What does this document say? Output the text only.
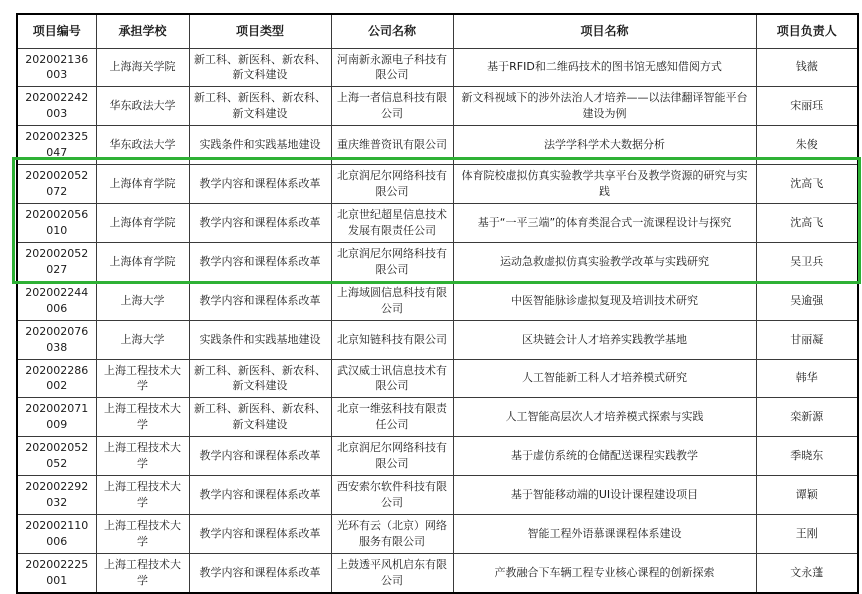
项目编号	承担学校	项目类型	公司名称	项目名称	项目负责人
202002136003	上海海关学院	新工科、新医科、新农科、新文科建设	河南新永源电子科技有限公司	基于RFID和二维码技术的图书馆无感知借阅方式	钱薇
202002242003	华东政法大学	新工科、新医科、新农科、新文科建设	上海一者信息科技有限公司	新文科视域下的涉外法治人才培养——以法律翻译智能平台建设为例	宋丽珏
202002325047	华东政法大学	实践条件和实践基地建设	重庆维普资讯有限公司	法学学科学术大数据分析	朱俊
202002052072	上海体育学院	教学内容和课程体系改革	北京润尼尔网络科技有限公司	体育院校虚拟仿真实验教学共享平台及教学资源的研究与实践	沈高飞
202002056010	上海体育学院	教学内容和课程体系改革	北京世纪超星信息技术发展有限责任公司	基于“一平三端”的体育类混合式一流课程设计与探究	沈高飞
202002052027	上海体育学院	教学内容和课程体系改革	北京润尼尔网络科技有限公司	运动急救虚拟仿真实验教学改革与实践研究	吴卫兵
202002244006	上海大学	教学内容和课程体系改革	上海域圆信息科技有限公司	中医智能脉诊虚拟复现及培训技术研究	吴逾强
202002076038	上海大学	实践条件和实践基地建设	北京知链科技有限公司	区块链会计人才培养实践教学基地	甘丽凝
202002286002	上海工程技术大学	新工科、新医科、新农科、新文科建设	武汉威士讯信息技术有限公司	人工智能新工科人才培养模式研究	韩华
202002071009	上海工程技术大学	新工科、新医科、新农科、新文科建设	北京一维弦科技有限责任公司	人工智能高层次人才培养模式探索与实践	栾新源
202002052052	上海工程技术大学	教学内容和课程体系改革	北京润尼尔网络科技有限公司	基于虚仿系统的仓储配送课程实践教学	季晓东
202002292032	上海工程技术大学	教学内容和课程体系改革	西安索尔软件科技有限公司	基于智能移动端的UI设计课程建设项目	谭颖
202002110006	上海工程技术大学	教学内容和课程体系改革	光环有云（北京）网络服务有限公司	智能工程外语慕课课程体系建设	王刚
202002225001	上海工程技术大学	教学内容和课程体系改革	上鼓透平风机启东有限公司	产教融合下车辆工程专业核心课程的创新探索	文永蓬
